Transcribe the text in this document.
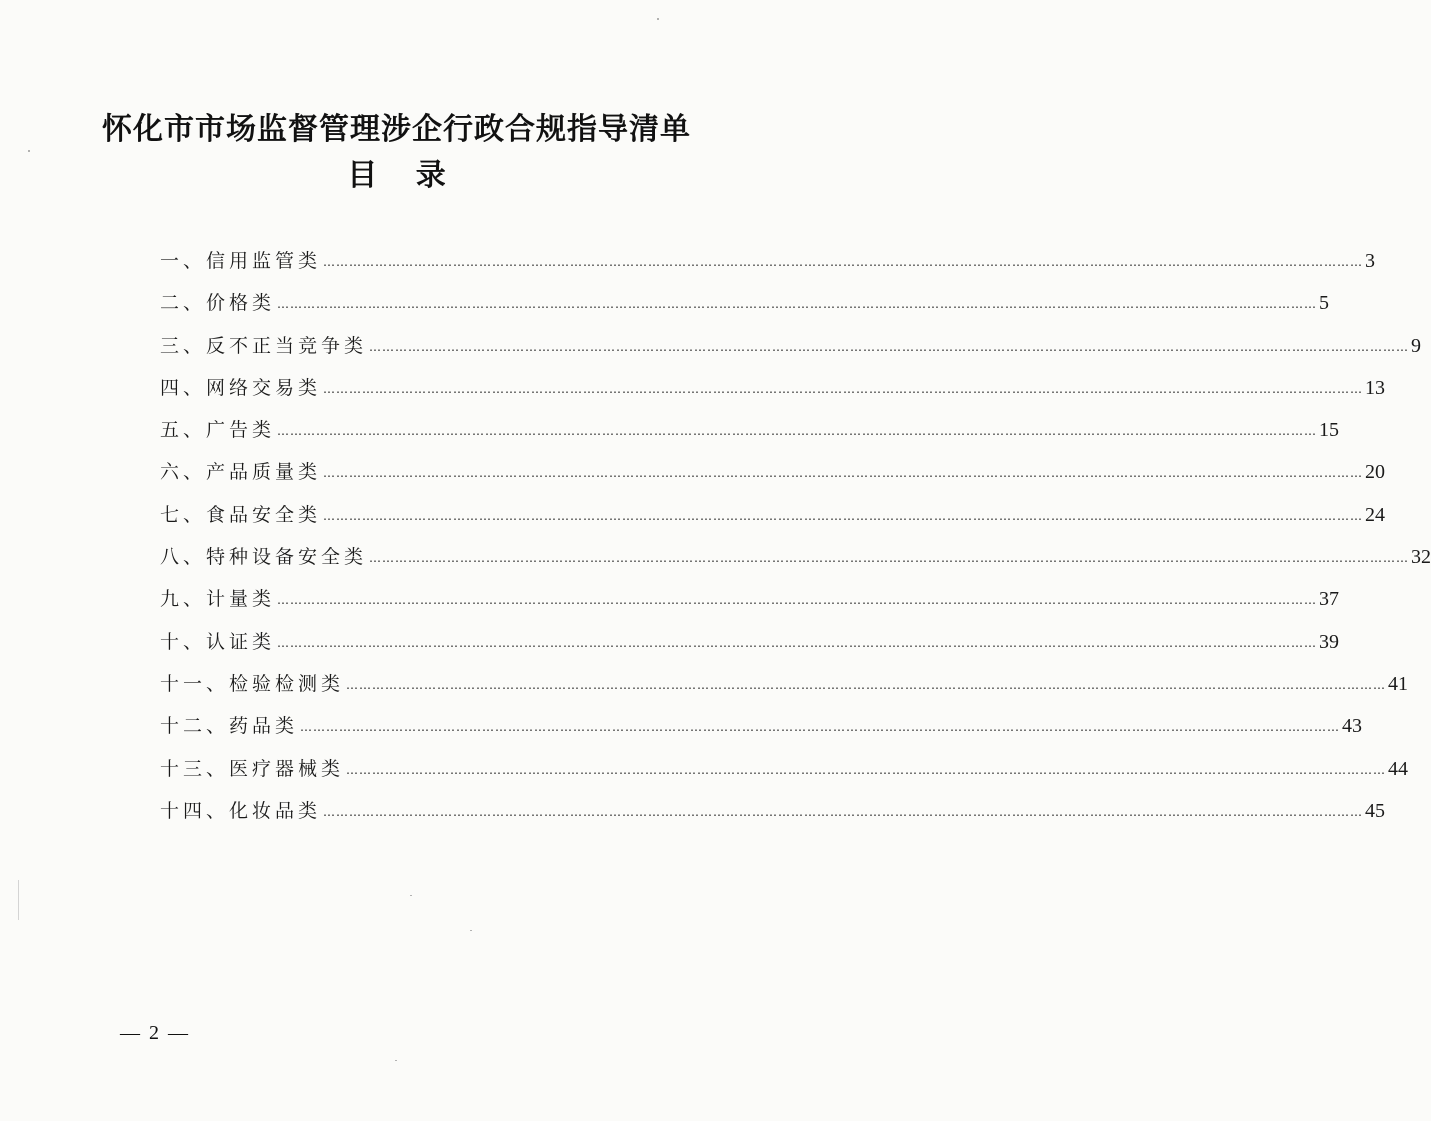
怀化市市场监督管理涉企行政合规指导清单
目 录
一、 信用监管类 …………………………………………………………………………………………………………………………………………………………………………………………………………………… 3
二、 价格类 …………………………………………………………………………………………………………………………………………………………………………………………………………………… 5
三、 反不正当竞争类 …………………………………………………………………………………………………………………………………………………………………………………………………………………… 9
四、 网络交易类 …………………………………………………………………………………………………………………………………………………………………………………………………………………… 13
五、 广告类 …………………………………………………………………………………………………………………………………………………………………………………………………………………… 15
六、 产品质量类 …………………………………………………………………………………………………………………………………………………………………………………………………………………… 20
七、 食品安全类 …………………………………………………………………………………………………………………………………………………………………………………………………………………… 24
八、 特种设备安全类 …………………………………………………………………………………………………………………………………………………………………………………………………………………… 32
九、 计量类 …………………………………………………………………………………………………………………………………………………………………………………………………………………… 37
十、 认证类 …………………………………………………………………………………………………………………………………………………………………………………………………………………… 39
十一、 检验检测类 …………………………………………………………………………………………………………………………………………………………………………………………………………………… 41
十二、 药品类 …………………………………………………………………………………………………………………………………………………………………………………………………………………… 43
十三、 医疗器械类 …………………………………………………………………………………………………………………………………………………………………………………………………………………… 44
十四、 化妆品类 …………………………………………………………………………………………………………………………………………………………………………………………………………………… 45
— 2 —
